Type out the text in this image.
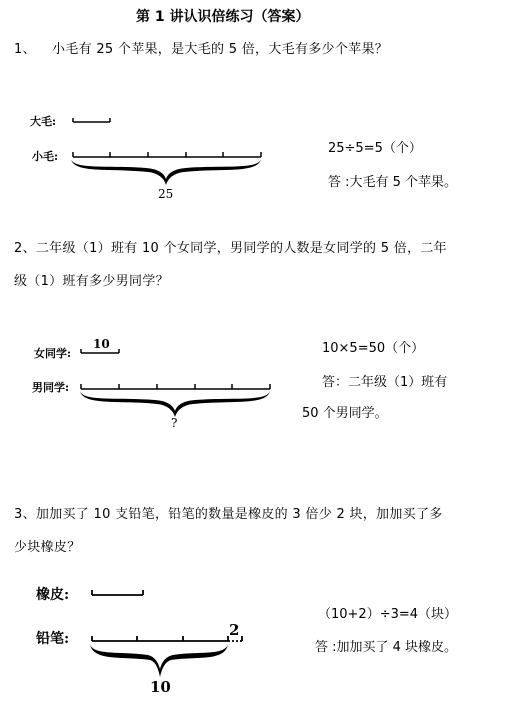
第 1 讲认识倍练习（答案）
1、 小毛有 25 个苹果，是大毛的 5 倍，大毛有多少个苹果？
大毛:
小毛:
25
25÷5=5（个）
答 :大毛有 5 个苹果。
2、二年级（1）班有 10 个女同学，男同学的人数是女同学的 5 倍，二年
级（1）班有多少男同学？
女同学:
男同学:
10
?
10×5=50（个）
答：二年级（1）班有
50 个男同学。
3、加加买了 10 支铅笔，铅笔的数量是橡皮的 3 倍少 2 块，加加买了多
少块橡皮？
橡皮:
铅笔:	2
10
（10+2）÷3=4（块）
答 :加加买了 4 块橡皮。
